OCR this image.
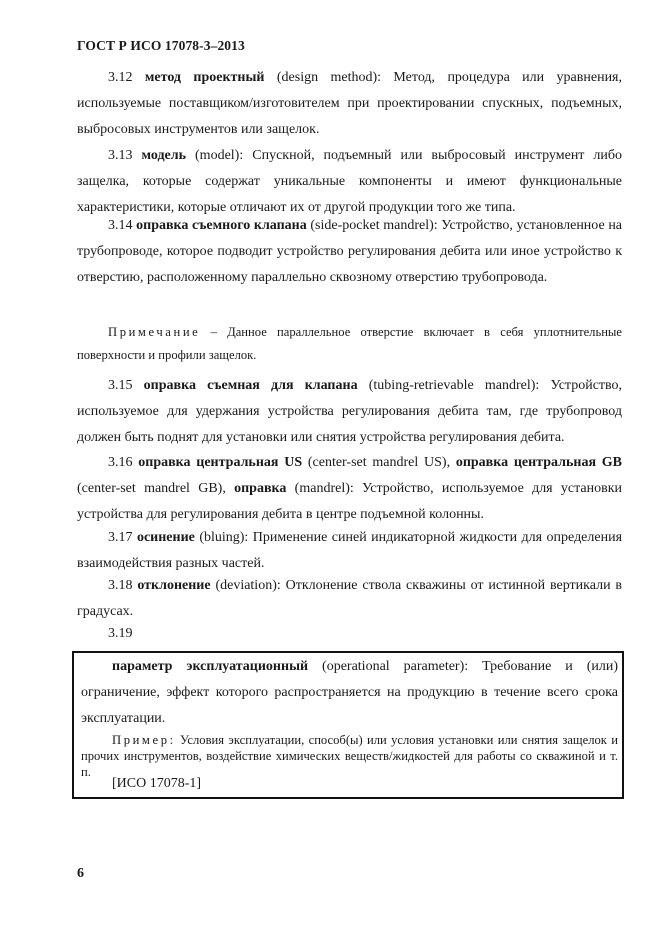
ГОСТ Р ИСО 17078-3–2013

3.12 метод проектный (design method): Метод, процедура или уравнения, используемые поставщиком/изготовителем при проектировании спускных, подъемных, выбросовых инструментов или защелок.

3.13 модель (model): Спускной, подъемный или выбросовый инструмент либо защелка, которые содержат уникальные компоненты и имеют функциональные характеристики, которые отличают их от другой продукции того же типа.

3.14 оправка съемного клапана (side-pocket mandrel): Устройство, установленное на трубопроводе, которое подводит устройство регулирования дебита или иное устройство к отверстию, расположенному параллельно сквозному отверстию трубопровода.

Примечание – Данное параллельное отверстие включает в себя уплотнительные поверхности и профили защелок.

3.15 оправка съемная для клапана (tubing-retrievable mandrel): Устройство, используемое для удержания устройства регулирования дебита там, где трубопровод должен быть поднят для установки или снятия устройства регулирования дебита.

3.16 оправка центральная US (center-set mandrel US), оправка центральная GB (center-set mandrel GB), оправка (mandrel): Устройство, используемое для установки устройства для регулирования дебита в центре подъемной колонны.

3.17 осинение (bluing): Применение синей индикаторной жидкости для определения взаимодействия разных частей.

3.18 отклонение (deviation): Отклонение ствола скважины от истинной вертикали в градусах.

3.19

параметр эксплуатационный (operational parameter): Требование и (или) ограничение, эффект которого распространяется на продукцию в течение всего срока эксплуатации.

Пример: Условия эксплуатации, способ(ы) или условия установки или снятия защелок и прочих инструментов, воздействие химических веществ/жидкостей для работы со скважиной и т. п.

[ИСО 17078-1]
6
